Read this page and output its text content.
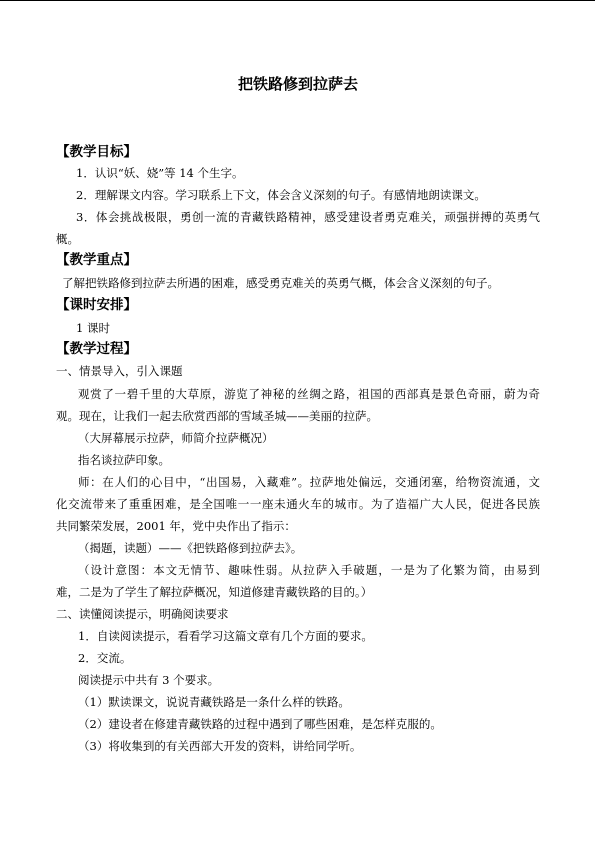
把铁路修到拉萨去
【教学目标】
1．认识“妖、娆”等 14 个生字。
2．理解课文内容。学习联系上下文，体会含义深刻的句子。有感情地朗读课文。
3．体会挑战极限，勇创一流的青藏铁路精神，感受建设者勇克难关，顽强拼搏的英勇气
概。
【教学重点】
了解把铁路修到拉萨去所遇的困难，感受勇克难关的英勇气概，体会含义深刻的句子。
【课时安排】
1 课时
【教学过程】
一、情景导入，引入课题
观赏了一碧千里的大草原，游览了神秘的丝绸之路，祖国的西部真是景色奇丽，蔚为奇
观。现在，让我们一起去欣赏西部的雪域圣城——美丽的拉萨。
（大屏幕展示拉萨，师简介拉萨概况）
指名谈拉萨印象。
师：在人们的心目中，“出国易，入藏难”。拉萨地处偏远，交通闭塞，给物资流通，文
化交流带来了重重困难，是全国唯一一座未通火车的城市。为了造福广大人民，促进各民族
共同繁荣发展，2001 年，党中央作出了指示：
（揭题，读题）——《把铁路修到拉萨去》。
（设计意图：本文无情节、趣味性弱。从拉萨入手破题，一是为了化繁为简，由易到
难，二是为了学生了解拉萨概况，知道修建青藏铁路的目的。）
二、读懂阅读提示，明确阅读要求
1．自读阅读提示，看看学习这篇文章有几个方面的要求。
2．交流。
阅读提示中共有 3 个要求。
（1）默读课文，说说青藏铁路是一条什么样的铁路。
（2）建设者在修建青藏铁路的过程中遇到了哪些困难，是怎样克服的。
（3）将收集到的有关西部大开发的资料，讲给同学听。
